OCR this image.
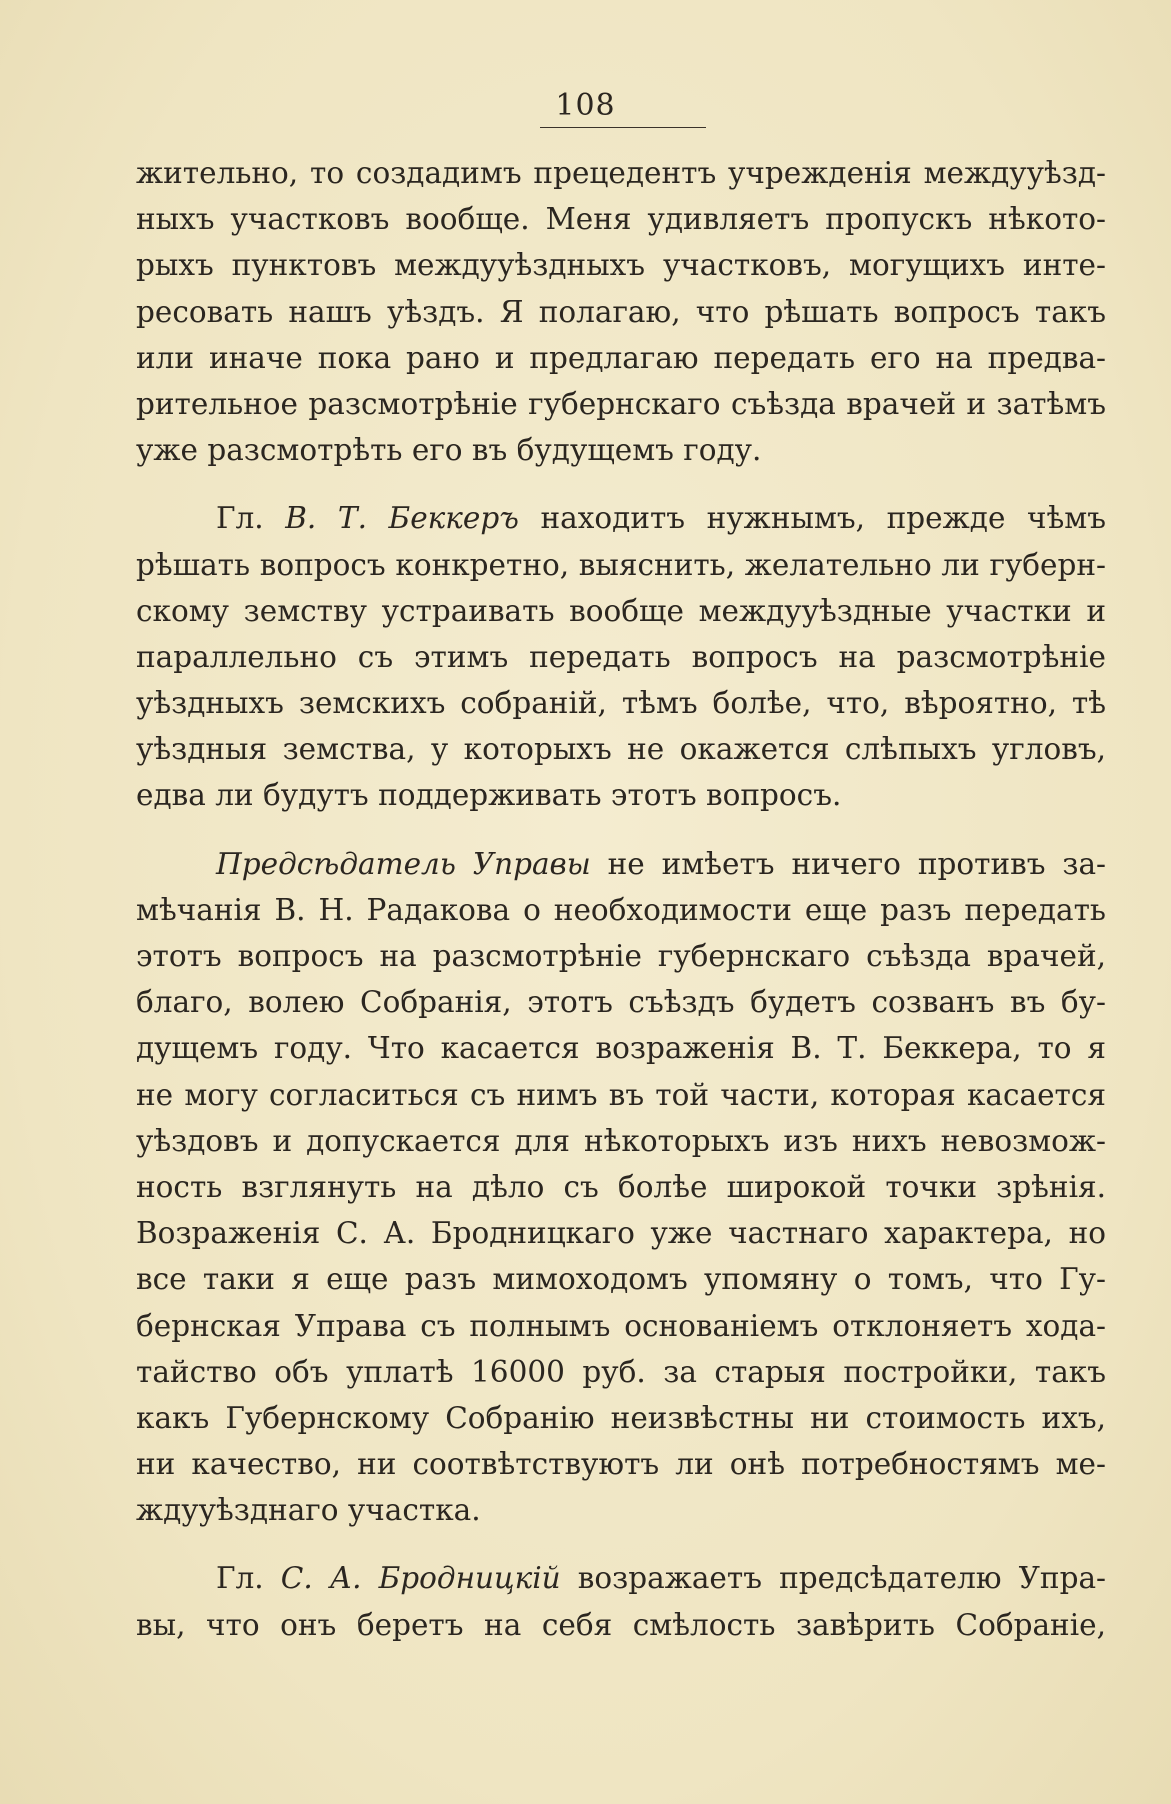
108
жительно, то создадимъ прецедентъ учрежденія междууѣзд-
ныхъ участковъ вообще. Меня удивляетъ пропускъ нѣкото-
рыхъ пунктовъ междууѣздныхъ участковъ, могущихъ инте-
ресовать нашъ уѣздъ. Я полагаю, что рѣшать вопросъ такъ
или иначе пока рано и предлагаю передать его на предва-
рительное разсмотрѣніе губернскаго съѣзда врачей и затѣмъ
уже разсмотрѣть его въ будущемъ году.
Гл. В. Т. Беккеръ находитъ нужнымъ, прежде чѣмъ
рѣшать вопросъ конкретно, выяснить, желательно ли губерн-
скому земству устраивать вообще междууѣздные участки и
параллельно съ этимъ передать вопросъ на разсмотрѣніе
уѣздныхъ земскихъ собраній, тѣмъ болѣе, что, вѣроятно, тѣ
уѣздныя земства, у которыхъ не окажется слѣпыхъ угловъ,
едва ли будутъ поддерживать этотъ вопросъ.
Предсѣдатель Управы не имѣетъ ничего противъ за-
мѣчанія В. Н. Радакова о необходимости еще разъ передать
этотъ вопросъ на разсмотрѣніе губернскаго съѣзда врачей,
благо, волею Собранія, этотъ съѣздъ будетъ созванъ въ бу-
дущемъ году. Что касается возраженія В. Т. Беккера, то я
не могу согласиться съ нимъ въ той части, которая касается
уѣздовъ и допускается для нѣкоторыхъ изъ нихъ невозмож-
ность взглянуть на дѣло съ болѣе широкой точки зрѣнія.
Возраженія С. А. Бродницкаго уже частнаго характера, но
все таки я еще разъ мимоходомъ упомяну о томъ, что Гу-
бернская Управа съ полнымъ основаніемъ отклоняетъ хода-
тайство объ уплатѣ 16000 руб. за старыя постройки, такъ
какъ Губернскому Собранію неизвѣстны ни стоимость ихъ,
ни качество, ни соотвѣтствуютъ ли онѣ потребностямъ ме-
ждууѣзднаго участка.
Гл. С. А. Бродницкій возражаетъ предсѣдателю Упра-
вы, что онъ беретъ на себя смѣлость завѣрить Собраніе,
